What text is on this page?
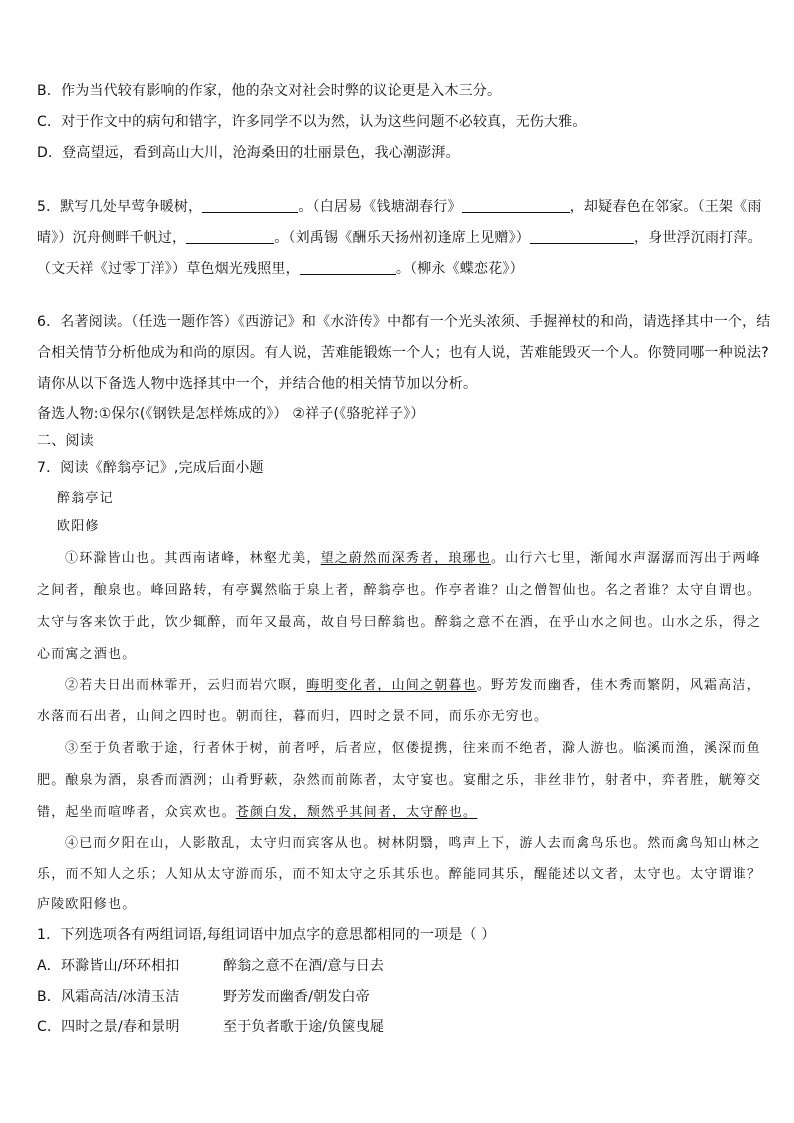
B．作为当代较有影响的作家，他的杂文对社会时弊的议论更是入木三分。
C．对于作文中的病句和错字，许多同学不以为然，认为这些问题不必较真，无伤大雅。
D．登高望远，看到高山大川，沧海桑田的壮丽景色，我心潮澎湃。
5．默写几处早莺争暖树，	。（白居易《钱塘湖春行》	，却疑春色在邻家。（王架《雨
晴》）沉舟侧畔千帆过，	。（刘禹锡《酬乐天扬州初逢席上见赠》）	，身世浮沉雨打萍。
（文天祥《过零丁洋》）草色烟光残照里，	。（柳永《蝶恋花》）
6．名著阅读。（任选一题作答）《西游记》和《水浒传》中都有一个光头浓须、手握禅杖的和尚，请选择其中一个，结
合相关情节分析他成为和尚的原因。有人说，苦难能锻炼一个人；也有人说，苦难能毁灭一个人。你赞同哪一种说法?
请你从以下备选人物中选择其中一个，并结合他的相关情节加以分析。
备选人物:①保尔(《钢铁是怎样炼成的》） ②祥子(《骆驼祥子》）
二、阅读
7．阅读《醉翁亭记》,完成后面小题
醉翁亭记
欧阳修
①环滁皆山也。其西南诸峰，林壑尤美，望之蔚然而深秀者，琅琊也。山行六七里，渐闻水声潺潺而泻出于两峰
之间者，酿泉也。峰回路转，有亭翼然临于泉上者，醉翁亭也。作亭者谁？山之僧智仙也。名之者谁？太守自谓也。
太守与客来饮于此，饮少辄醉，而年又最高，故自号曰醉翁也。醉翁之意不在酒，在乎山水之间也。山水之乐，得之
心而寓之酒也。
②若夫日出而林霏开，云归而岩穴暝，晦明变化者，山间之朝暮也。野芳发而幽香，佳木秀而繁阴，风霜高洁，
水落而石出者，山间之四时也。朝而往，暮而归，四时之景不同，而乐亦无穷也。
③至于负者歌于途，行者休于树，前者呼，后者应，伛偻提携，往来而不绝者，滁人游也。临溪而渔，溪深而鱼
肥。酿泉为酒，泉香而酒洌；山肴野蔌，杂然而前陈者，太守宴也。宴酣之乐，非丝非竹，射者中，弈者胜，觥筹交
错，起坐而喧哗者，众宾欢也。苍颜白发，颓然乎其间者，太守醉也。
④已而夕阳在山，人影散乱，太守归而宾客从也。树林阴翳，鸣声上下，游人去而禽鸟乐也。然而禽鸟知山林之
乐，而不知人之乐；人知从太守游而乐，而不知太守之乐其乐也。醉能同其乐，醒能述以文者，太守也。太守谓谁？
庐陵欧阳修也。
1．下列选项各有两组词语,每组词语中加点字的意思都相同的一项是（ ）
A．环滁皆山/环环相扣	醉翁之意不在酒/意与日去
B．风霜高洁/冰清玉洁	野芳发而幽香/朝发白帝
C．四时之景/春和景明	至于负者歌于途/负箧曳屣
